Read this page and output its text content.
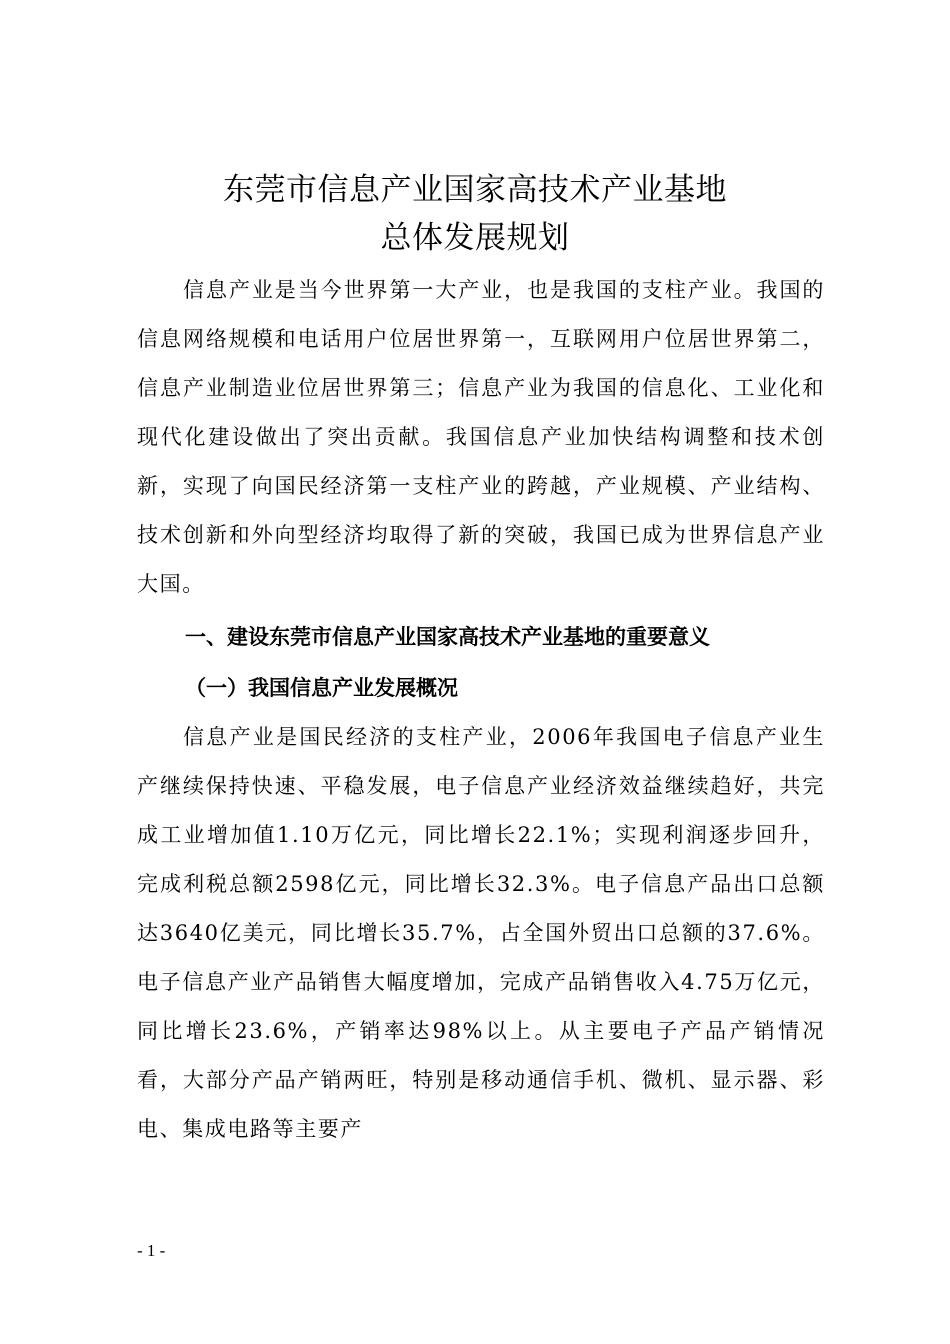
东莞市信息产业国家高技术产业基地
总体发展规划

信息产业是当今世界第一大产业，也是我国的支柱产业。我国的信息网络规模和电话用户位居世界第一，互联网用户位居世界第二，信息产业制造业位居世界第三；信息产业为我国的信息化、工业化和现代化建设做出了突出贡献。我国信息产业加快结构调整和技术创新，实现了向国民经济第一支柱产业的跨越，产业规模、产业结构、技术创新和外向型经济均取得了新的突破，我国已成为世界信息产业大国。

一、建设东莞市信息产业国家高技术产业基地的重要意义
（一）我国信息产业发展概况

信息产业是国民经济的支柱产业，2006年我国电子信息产业生产继续保持快速、平稳发展，电子信息产业经济效益继续趋好，共完成工业增加值1.10万亿元，同比增长22.1%；实现利润逐步回升，完成利税总额2598亿元，同比增长32.3%。电子信息产品出口总额达3640亿美元，同比增长35.7%，占全国外贸出口总额的37.6%。电子信息产业产品销售大幅度增加，完成产品销售收入4.75万亿元，同比增长23.6%，产销率达98%以上。从主要电子产品产销情况看，大部分产品产销两旺，特别是移动通信手机、微机、显示器、彩电、集成电路等主要产

- 1 -
